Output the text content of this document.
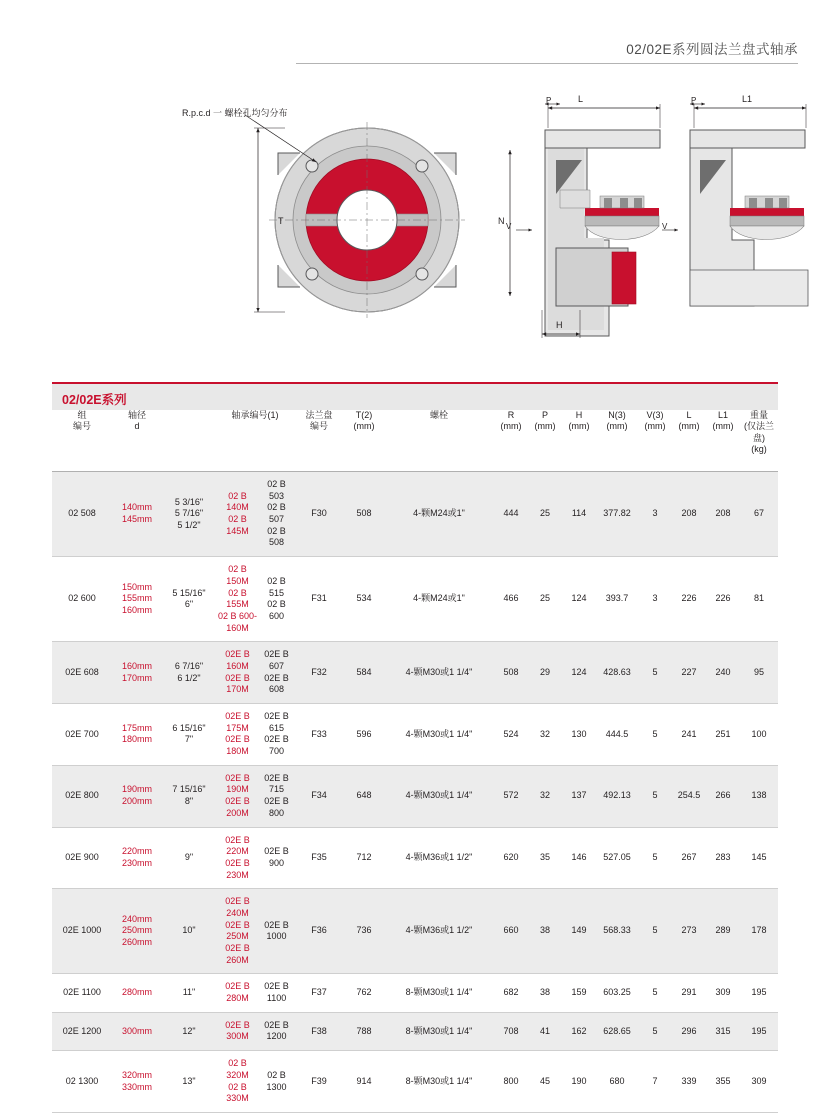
02/02E系列圆法兰盘式轴承
R.p.c.d 一 螺栓孔均匀分布
T
L	L1
P	P
N
V	V
H
02/02E系列
组
编号	轴径
d		轴承编号(1)		法兰盘
编号	T(2)
(mm)	螺栓	R
(mm)	P
(mm)	H
(mm)	N(3)
(mm)	V(3)
(mm)	L
(mm)	L1
(mm)	重量
(仅法兰盘)
(kg)

02 508	140mm
145mm	5 3/16"
5 7/16"
5 1/2"	02 B 140M
02 B 145M	02 B 503
02 B 507
02 B 508	F30	508	4-颗M24或1"	444	25	114	377.82	3	208	208	67
02 600	150mm
155mm
160mm	5 15/16"
6"	02 B 150M
02 B 155M
02 B 600-160M	02 B 515
02 B 600	F31	534	4-颗M24或1"	466	25	124	393.7	3	226	226	81
02E 608	160mm
170mm	6 7/16"
6 1/2"	02E B 160M
02E B 170M	02E B 607
02E B 608	F32	584	4-颗M30或1 1/4"	508	29	124	428.63	5	227	240	95
02E 700	175mm
180mm	6 15/16"
7"	02E B 175M
02E B 180M	02E B 615
02E B 700	F33	596	4-颗M30或1 1/4"	524	32	130	444.5	5	241	251	100
02E 800	190mm
200mm	7 15/16"
8"	02E B 190M
02E B 200M	02E B 715
02E B 800	F34	648	4-颗M30或1 1/4"	572	32	137	492.13	5	254.5	266	138
02E 900	220mm
230mm	9"	02E B 220M
02E B 230M	02E B 900	F35	712	4-颗M36或1 1/2"	620	35	146	527.05	5	267	283	145
02E 1000	240mm
250mm
260mm	10"	02E B 240M
02E B 250M
02E B 260M	02E B 1000	F36	736	4-颗M36或1 1/2"	660	38	149	568.33	5	273	289	178
02E 1100	280mm	11"	02E B 280M	02E B
1100	F37	762	8-颗M30或1 1/4"	682	38	159	603.25	5	291	309	195
02E 1200	300mm	12"	02E B 300M	02E B
1200	F38	788	8-颗M30或1 1/4"	708	41	162	628.65	5	296	315	195
02 1300	320mm
330mm	13"	02 B 320M
02 B 330M	02 B 1300	F39	914	8-颗M30或1 1/4"	800	45	190	680	7	339	355	309
